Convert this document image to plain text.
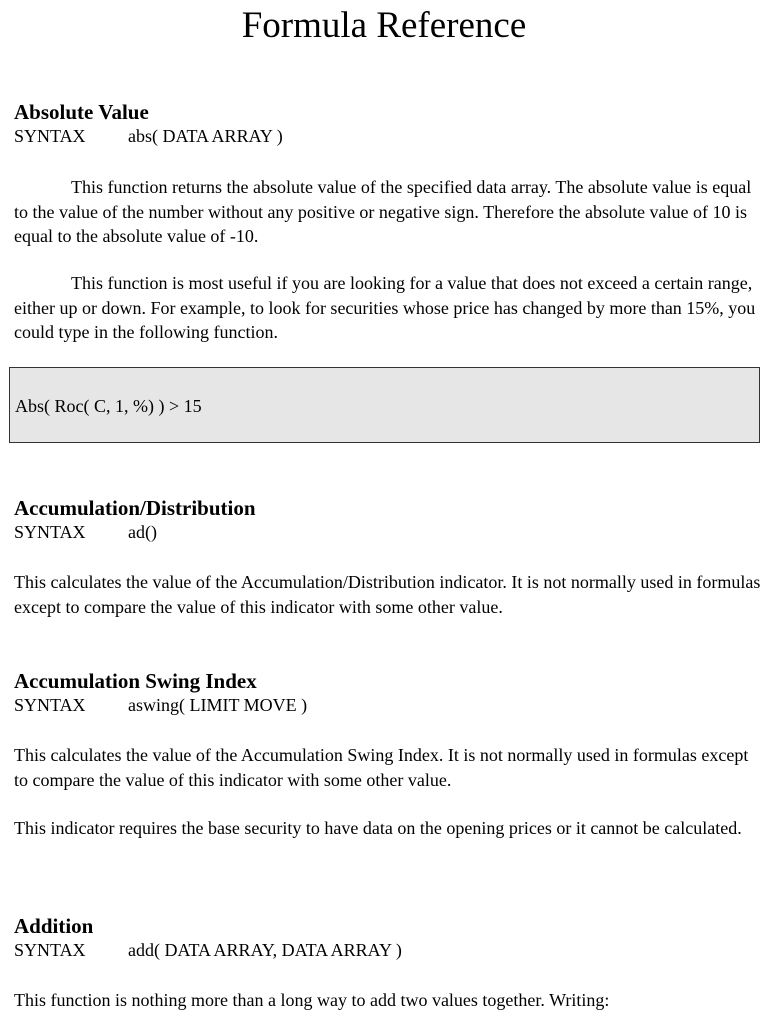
Formula Reference
Absolute Value
SYNTAX abs( DATA ARRAY )

This function returns the absolute value of the specified data array. The absolute value is equal to the value of the number without any positive or negative sign. Therefore the absolute value of 10 is equal to the absolute value of -10.

This function is most useful if you are looking for a value that does not exceed a certain range, either up or down. For example, to look for securities whose price has changed by more than 15%, you could type in the following function.

Abs( Roc( C, 1, %) ) > 15
Accumulation/Distribution
SYNTAX ad()

This calculates the value of the Accumulation/Distribution indicator. It is not normally used in formulas except to compare the value of this indicator with some other value.

Accumulation Swing Index
SYNTAX aswing( LIMIT MOVE )

This calculates the value of the Accumulation Swing Index. It is not normally used in formulas except to compare the value of this indicator with some other value.

This indicator requires the base security to have data on the opening prices or it cannot be calculated.

Addition
SYNTAX add( DATA ARRAY, DATA ARRAY )

This function is nothing more than a long way to add two values together. Writing:
